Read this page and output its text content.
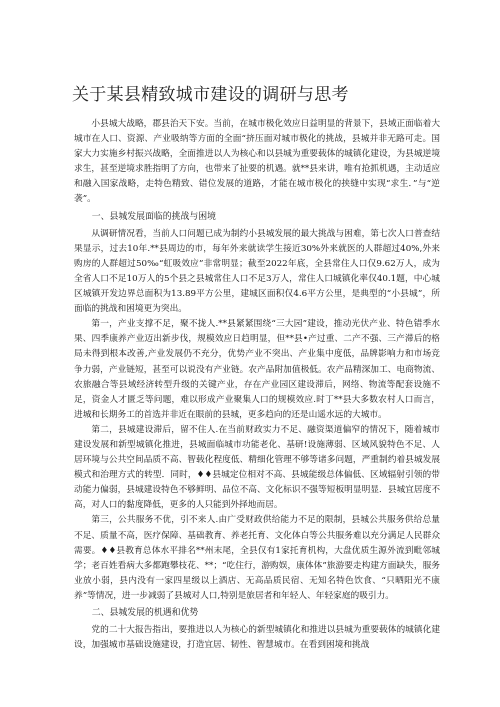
关于某县精致城市建设的调研与思考

小县城大战略，郡县治天下安。当前，在城市极化效应日益明显的背景下，县域正面临着大城市在人口、资源、产业吸纳等方面的全面“挤压面对城市极化的挑战，县城并非无路可走。国家大力实施乡村振兴战略，全面推进以人为核心和以县城为重要载体的城镇化建设，为县城逆境求生，甚至逆境求胜指明了方向，也带来了扯要的机遇。就**县来讲，唯有抢抓机遇，主动适应和融入国家战略，走特色精致、错位发展的道路，才能在城市极化的挟缝中实现“求生．”与“逆袭”。

一、县城发展面临的挑战与困境

从调研情况看，当前人口问题已成为制约小县城发展的最大挑战与困难，第七次人口普查结果显示，过去10年.**县周边的市，每年外来就读学生接近30%外来就医的人群超过40%,外来购房的人群超过50‰“虹吸效应”非常明显；截至2022年底，全县常住人口仅9.62万人，成为全省人口不足10万人的5个县之县城常住人口不足3万人，常住人口城镇化率仅40.1题，中心城区城镇开发边界总面积为13.89平方公里，建城区面积仅4.6平方公里，是典型的“小县城”，所面临的挑战和困境更为突出。

第一，产业支撑不足，聚不拢人.**县紧紧围绕“三大园”建设，推动光伏产业、特色错季水果、四季康养产业迈出新步伐，规模效应日趋明显，但**县•产过重、二产不强、三产滞后的格局未得到根本改善,产业发展仍不充分，优势产业不突出、产业集中度低，品牌影响力和市场竞争力弱，产业链短，甚至可以说没有产业链。农产品附加值极低。农产品精深加工、电商物流、农旅融合等县域经济转型升级的关键产业，存在产业园区建设滞后，网络、物流等配套设施不足，资金人才匮乏等问题，难以形成产业聚集人口的规模效应.时丁**县大多数农村人口而言，进城和长期务工的首选并非近在眼前的县城，更多趋向的还是山遥水远的大城市。

第二，县城建设滞后，留不住人.在当前财政实力不足、融资渠道偏窄的情况下，随着城市建设发展和新型城镇化推进，县城面临城市功能老化、基研!设施薄弱、区域风貌特色不足、人居环境与公共空间品质不高、智载化程度低、精细化管理不够等诸多问题，严重制约着县城发展模式和治理方式的转型．同时，♦♦县城定位相对不高、县城能级总体偏低、区域辐射引领的带动能力偏弱，县城建设特色不够鲜明、品位不高、文化标识不强等短板明显明显．县城宜居度不高，对人口的黏度降低，更多的人只能到外择地而居。

第三，公共服务不优，引不来人.由广受财政供给能力不足的限制，县城公共服务供给总量不足、质量不高，医疗保障、基础教育、养老托育、文化体白等公共服务难以充分满足人民群众需要。♦♦县教育总体水平排名**州末尾，全县仅有1家托育机构，大盘优质生源外流到毗邻城学；老百姓看病大多都跑攀枝花、**；“吃住行，游购娱，康体体”旅游要走构建方面缺失，服务业放小弱，县内没有一家四星级以上酒店、无高品质民宿、无知名特色饮食、“只晒阳光不康养”等情况，进一步减弱了县城对人口,特别是旅居者和年轻人、年轻家庭的吸引力。

二、县城发展的机遇和优势

党的二十大报告指出，要推进以人为核心的新型城镇化和推进以县城为重要载体的城镇化建设，加强城市基础设施建设，打造宜居、韧性、智慧城市。在看到困境和挑战
